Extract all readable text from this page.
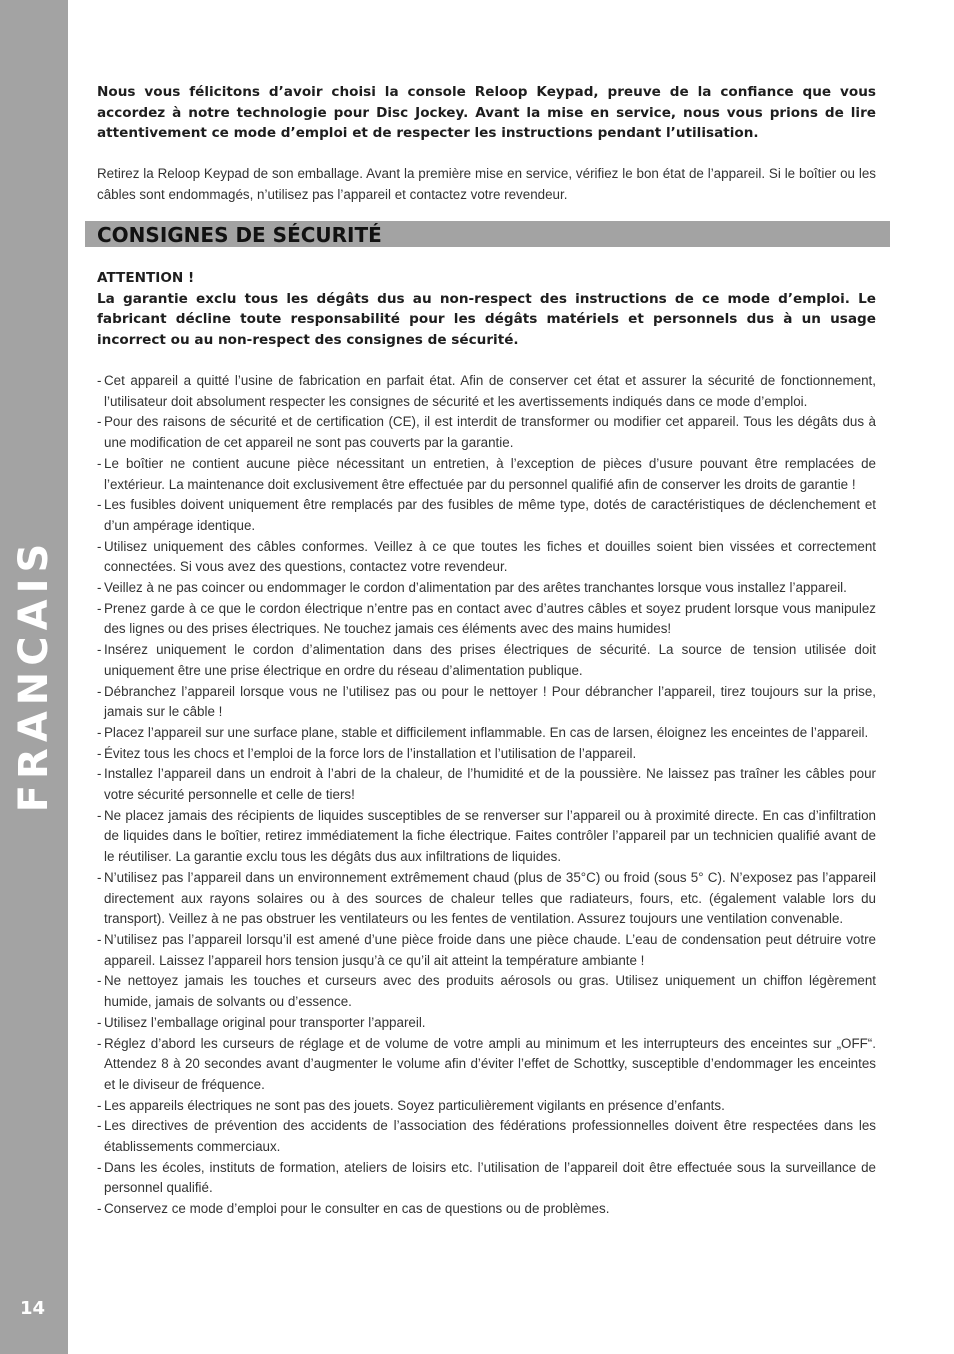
FRANCAIS
14

Nous vous félicitons d’avoir choisi la console Reloop Keypad, preuve de la confiance que vous accordez à notre technologie pour Disc Jockey. Avant la mise en service, nous vous prions de lire attentivement ce mode d’emploi et de respecter les instructions pendant l’utilisation.

Retirez la Reloop Keypad de son emballage. Avant la première mise en service, vérifiez le bon état de l’appareil. Si le boîtier ou les câbles sont endommagés, n’utilisez pas l’appareil et contactez votre revendeur.

CONSIGNES DE SÉCURITÉ

ATTENTION !

La garantie exclu tous les dégâts dus au non-respect des instructions de ce mode d’emploi. Le fabricant décline toute responsabilité pour les dégâts matériels et personnels dus à un usage incorrect ou au non-respect des consignes de sécurité.

- Cet appareil a quitté l’usine de fabrication en parfait état. Afin de conserver cet état et assurer la sécurité de fonctionnement, l’utilisateur doit absolument respecter les consignes de sécurité et les avertissements indiqués dans ce mode d’emploi.
- Pour des raisons de sécurité et de certification (CE), il est interdit de transformer ou modifier cet appareil. Tous les dégâts dus à une modification de cet appareil ne sont pas couverts par la garantie.
- Le boîtier ne contient aucune pièce nécessitant un entretien, à l’exception de pièces d’usure pouvant être remplacées de l’extérieur. La maintenance doit exclusivement être effectuée par du personnel qualifié afin de conserver les droits de garantie !
- Les fusibles doivent uniquement être remplacés par des fusibles de même type, dotés de caractéristiques de déclenchement et d’un ampérage identique.
- Utilisez uniquement des câbles conformes. Veillez à ce que toutes les fiches et douilles soient bien vissées et correctement connectées. Si vous avez des questions, contactez votre revendeur.
- Veillez à ne pas coincer ou endommager le cordon d’alimentation par des arêtes tranchantes lorsque vous installez l’appareil.
- Prenez garde à ce que le cordon électrique n’entre pas en contact avec d’autres câbles et soyez prudent lorsque vous manipulez des lignes ou des prises électriques. Ne touchez jamais ces éléments avec des mains humides!
- Insérez uniquement le cordon d’alimentation dans des prises électriques de sécurité. La source de tension utilisée doit uniquement être une prise électrique en ordre du réseau d’alimentation publique.
- Débranchez l’appareil lorsque vous ne l’utilisez pas ou pour le nettoyer ! Pour débrancher l’appareil, tirez toujours sur la prise, jamais sur le câble !
- Placez l’appareil sur une surface plane, stable et difficilement inflammable. En cas de larsen, éloignez les enceintes de l’appareil.
- Évitez tous les chocs et l’emploi de la force lors de l’installation et l’utilisation de l’appareil.
- Installez l’appareil dans un endroit à l’abri de la chaleur, de l’humidité et de la poussière. Ne laissez pas traîner les câbles pour votre sécurité personnelle et celle de tiers!
- Ne placez jamais des récipients de liquides susceptibles de se renverser sur l’appareil ou à proximité directe. En cas d’infiltration de liquides dans le boîtier, retirez immédiatement la fiche électrique. Faites contrôler l’appareil par un technicien qualifié avant de le réutiliser. La garantie exclu tous les dégâts dus aux infiltrations de liquides.
- N’utilisez pas l’appareil dans un environnement extrêmement chaud (plus de 35°C) ou froid (sous 5° C). N’exposez pas l’appareil directement aux rayons solaires ou à des sources de chaleur telles que radiateurs, fours, etc. (également valable lors du transport). Veillez à ne pas obstruer les ventilateurs ou les fentes de ventilation. Assurez toujours une ventilation convenable.
- N’utilisez pas l’appareil lorsqu’il est amené d’une pièce froide dans une pièce chaude. L’eau de condensation peut détruire votre appareil. Laissez l’appareil hors tension jusqu’à ce qu’il ait atteint la température ambiante !
- Ne nettoyez jamais les touches et curseurs avec des produits aérosols ou gras. Utilisez uniquement un chiffon légèrement humide, jamais de solvants ou d’essence.
- Utilisez l’emballage original pour transporter l’appareil.
- Réglez d’abord les curseurs de réglage et de volume de votre ampli au minimum et les interrupteurs des enceintes sur „OFF“. Attendez 8 à 20 secondes avant d’augmenter le volume afin d’éviter l’effet de Schottky, susceptible d’endommager les enceintes et le diviseur de fréquence.
- Les appareils électriques ne sont pas des jouets. Soyez particulièrement vigilants en présence d’enfants.
- Les directives de prévention des accidents de l’association des fédérations professionnelles doivent être respectées dans les établissements commerciaux.
- Dans les écoles, instituts de formation, ateliers de loisirs etc. l’utilisation de l’appareil doit être effectuée sous la surveillance de personnel qualifié.
- Conservez ce mode d’emploi pour le consulter en cas de questions ou de problèmes.
